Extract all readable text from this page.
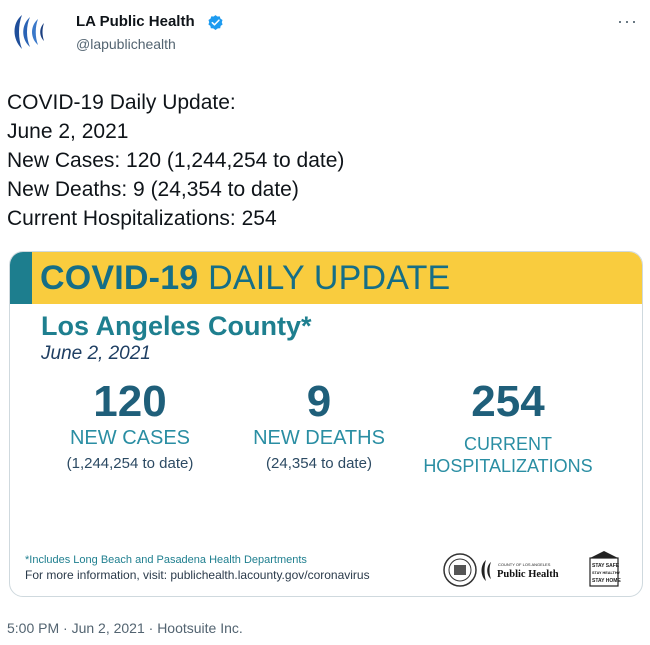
LA Public Health
@lapublichealth
···
COVID-19 Daily Update:
June 2, 2021
New Cases: 120 (1,244,254 to date)
New Deaths: 9 (24,354 to date)
Current Hospitalizations: 254
COVID-19 DAILY UPDATE
Los Angeles County*
June 2, 2021
120
NEW CASES
(1,244,254 to date)
9
NEW DEATHS
(24,354 to date)
254
CURRENT
HOSPITALIZATIONS
*Includes Long Beach and Pasadena Health Departments
For more information, visit: publichealth.lacounty.gov/coronavirus
COUNTY OF LOS ANGELES
Public Health
STAY SAFE
STAY HEALTHY
STAY HOME
5:00 PM · Jun 2, 2021 · Hootsuite Inc.
